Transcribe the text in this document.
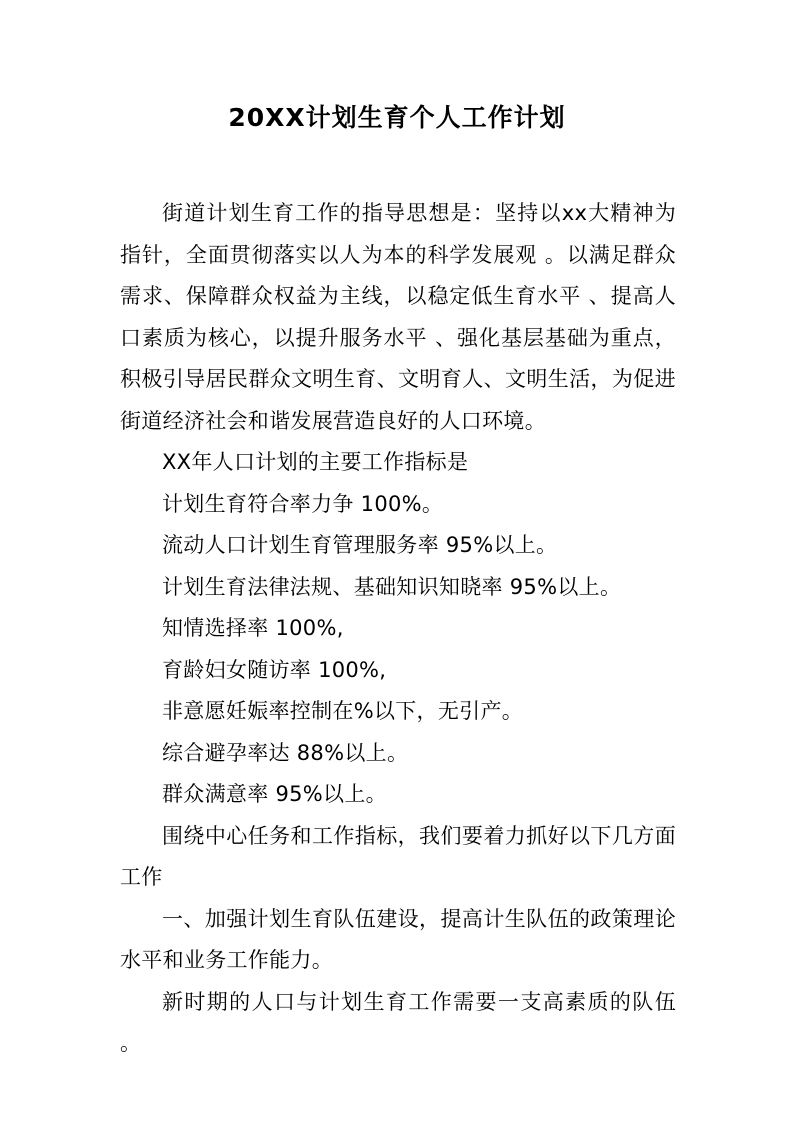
20XX计划生育个人工作计划

街道计划生育工作的指导思想是：坚持以xx大精神为指针，全面贯彻落实以人为本的科学发展观 。以满足群众需求、保障群众权益为主线，以稳定低生育水平 、提高人口素质为核心，以提升服务水平 、强化基层基础为重点，积极引导居民群众文明生育、文明育人、文明生活，为促进街道经济社会和谐发展营造良好的人口环境。

XX年人口计划的主要工作指标是

计划生育符合率力争 100%。

流动人口计划生育管理服务率 95%以上。

计划生育法律法规、基础知识知晓率 95%以上。

知情选择率 100%,

育龄妇女随访率 100%,

非意愿妊娠率控制在%以下，无引产。

综合避孕率达 88%以上。

群众满意率 95%以上。

围绕中心任务和工作指标，我们要着力抓好以下几方面工作

一、加强计划生育队伍建设，提高计生队伍的政策理论水平和业务工作能力。

新时期的人口与计划生育工作需要一支高素质的队伍 。
